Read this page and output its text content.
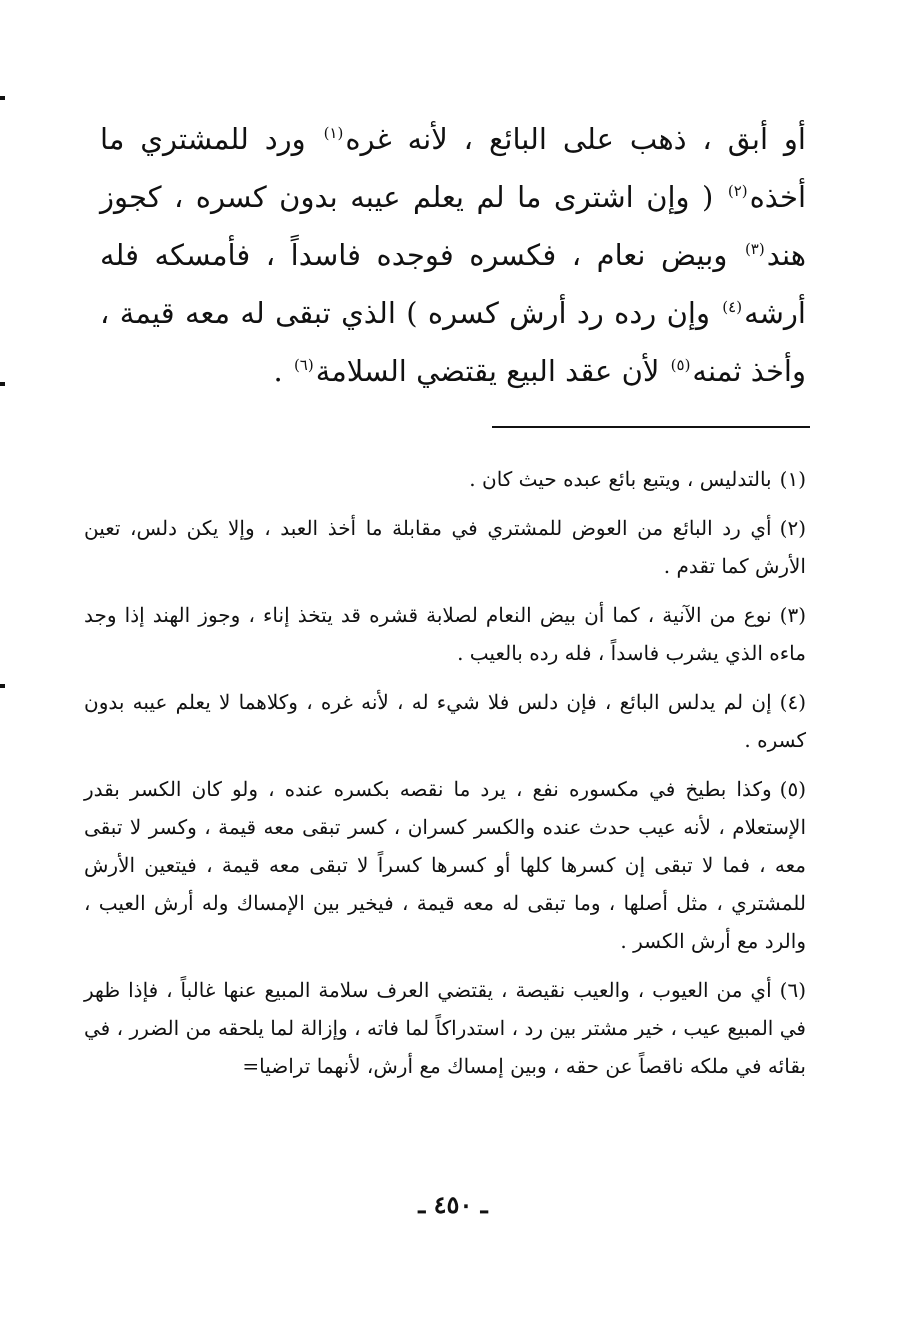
أو أبق ، ذهب على البائع ، لأنه غره$^{(١)}$ ورد للمشتري ما أخذه$^{(٢)}$ ( وإن اشترى ما لم يعلم عيبه بدون كسره ، كجوز هند$^{(٣)}$ وبيض نعام ، فكسره فوجده فاسداً ، فأمسكه فله أرشه$^{(٤)}$ وإن رده رد أرش كسره ) الذي تبقى له معه قيمة ، وأخذ ثمنه$^{(٥)}$ لأن عقد البيع يقتضي السلامة$^{(٦)}$ .

(١)بالتدليس ، ويتبع بائع عبده حيث كان .

(٢)أي رد البائع من العوض للمشتري في مقابلة ما أخذ العبد ، وإلا يكن دلس، تعين الأرش كما تقدم .

(٣)نوع من الآنية ، كما أن بيض النعام لصلابة قشره قد يتخذ إناء ، وجوز الهند إذا وجد ماءه الذي يشرب فاسداً ، فله رده بالعيب .

(٤)إن لم يدلس البائع ، فإن دلس فلا شيء له ، لأنه غره ، وكلاهما لا يعلم عيبه بدون كسره .

(٥)وكذا بطيخ في مكسوره نفع ، يرد ما نقصه بكسره عنده ، ولو كان الكسر بقدر الإستعلام ، لأنه عيب حدث عنده والكسر كسران ، كسر تبقى معه قيمة ، وكسر لا تبقى معه ، فما لا تبقى إن كسرها كلها أو كسرها كسراً لا تبقى معه قيمة ، فيتعين الأرش للمشتري ، مثل أصلها ، وما تبقى له معه قيمة ، فيخير بين الإمساك وله أرش العيب ، والرد مع أرش الكسر .

(٦)أي من العيوب ، والعيب نقيصة ، يقتضي العرف سلامة المبيع عنها غالباً ، فإذا ظهر في المبيع عيب ، خير مشتر بين رد ، استدراكاً لما فاته ، وإزالة لما يلحقه من الضرر ، في بقائه في ملكه ناقصاً عن حقه ، وبين إمساك مع أرش، لأنهما تراضيا=

ـ ٤٥٠ ـ
